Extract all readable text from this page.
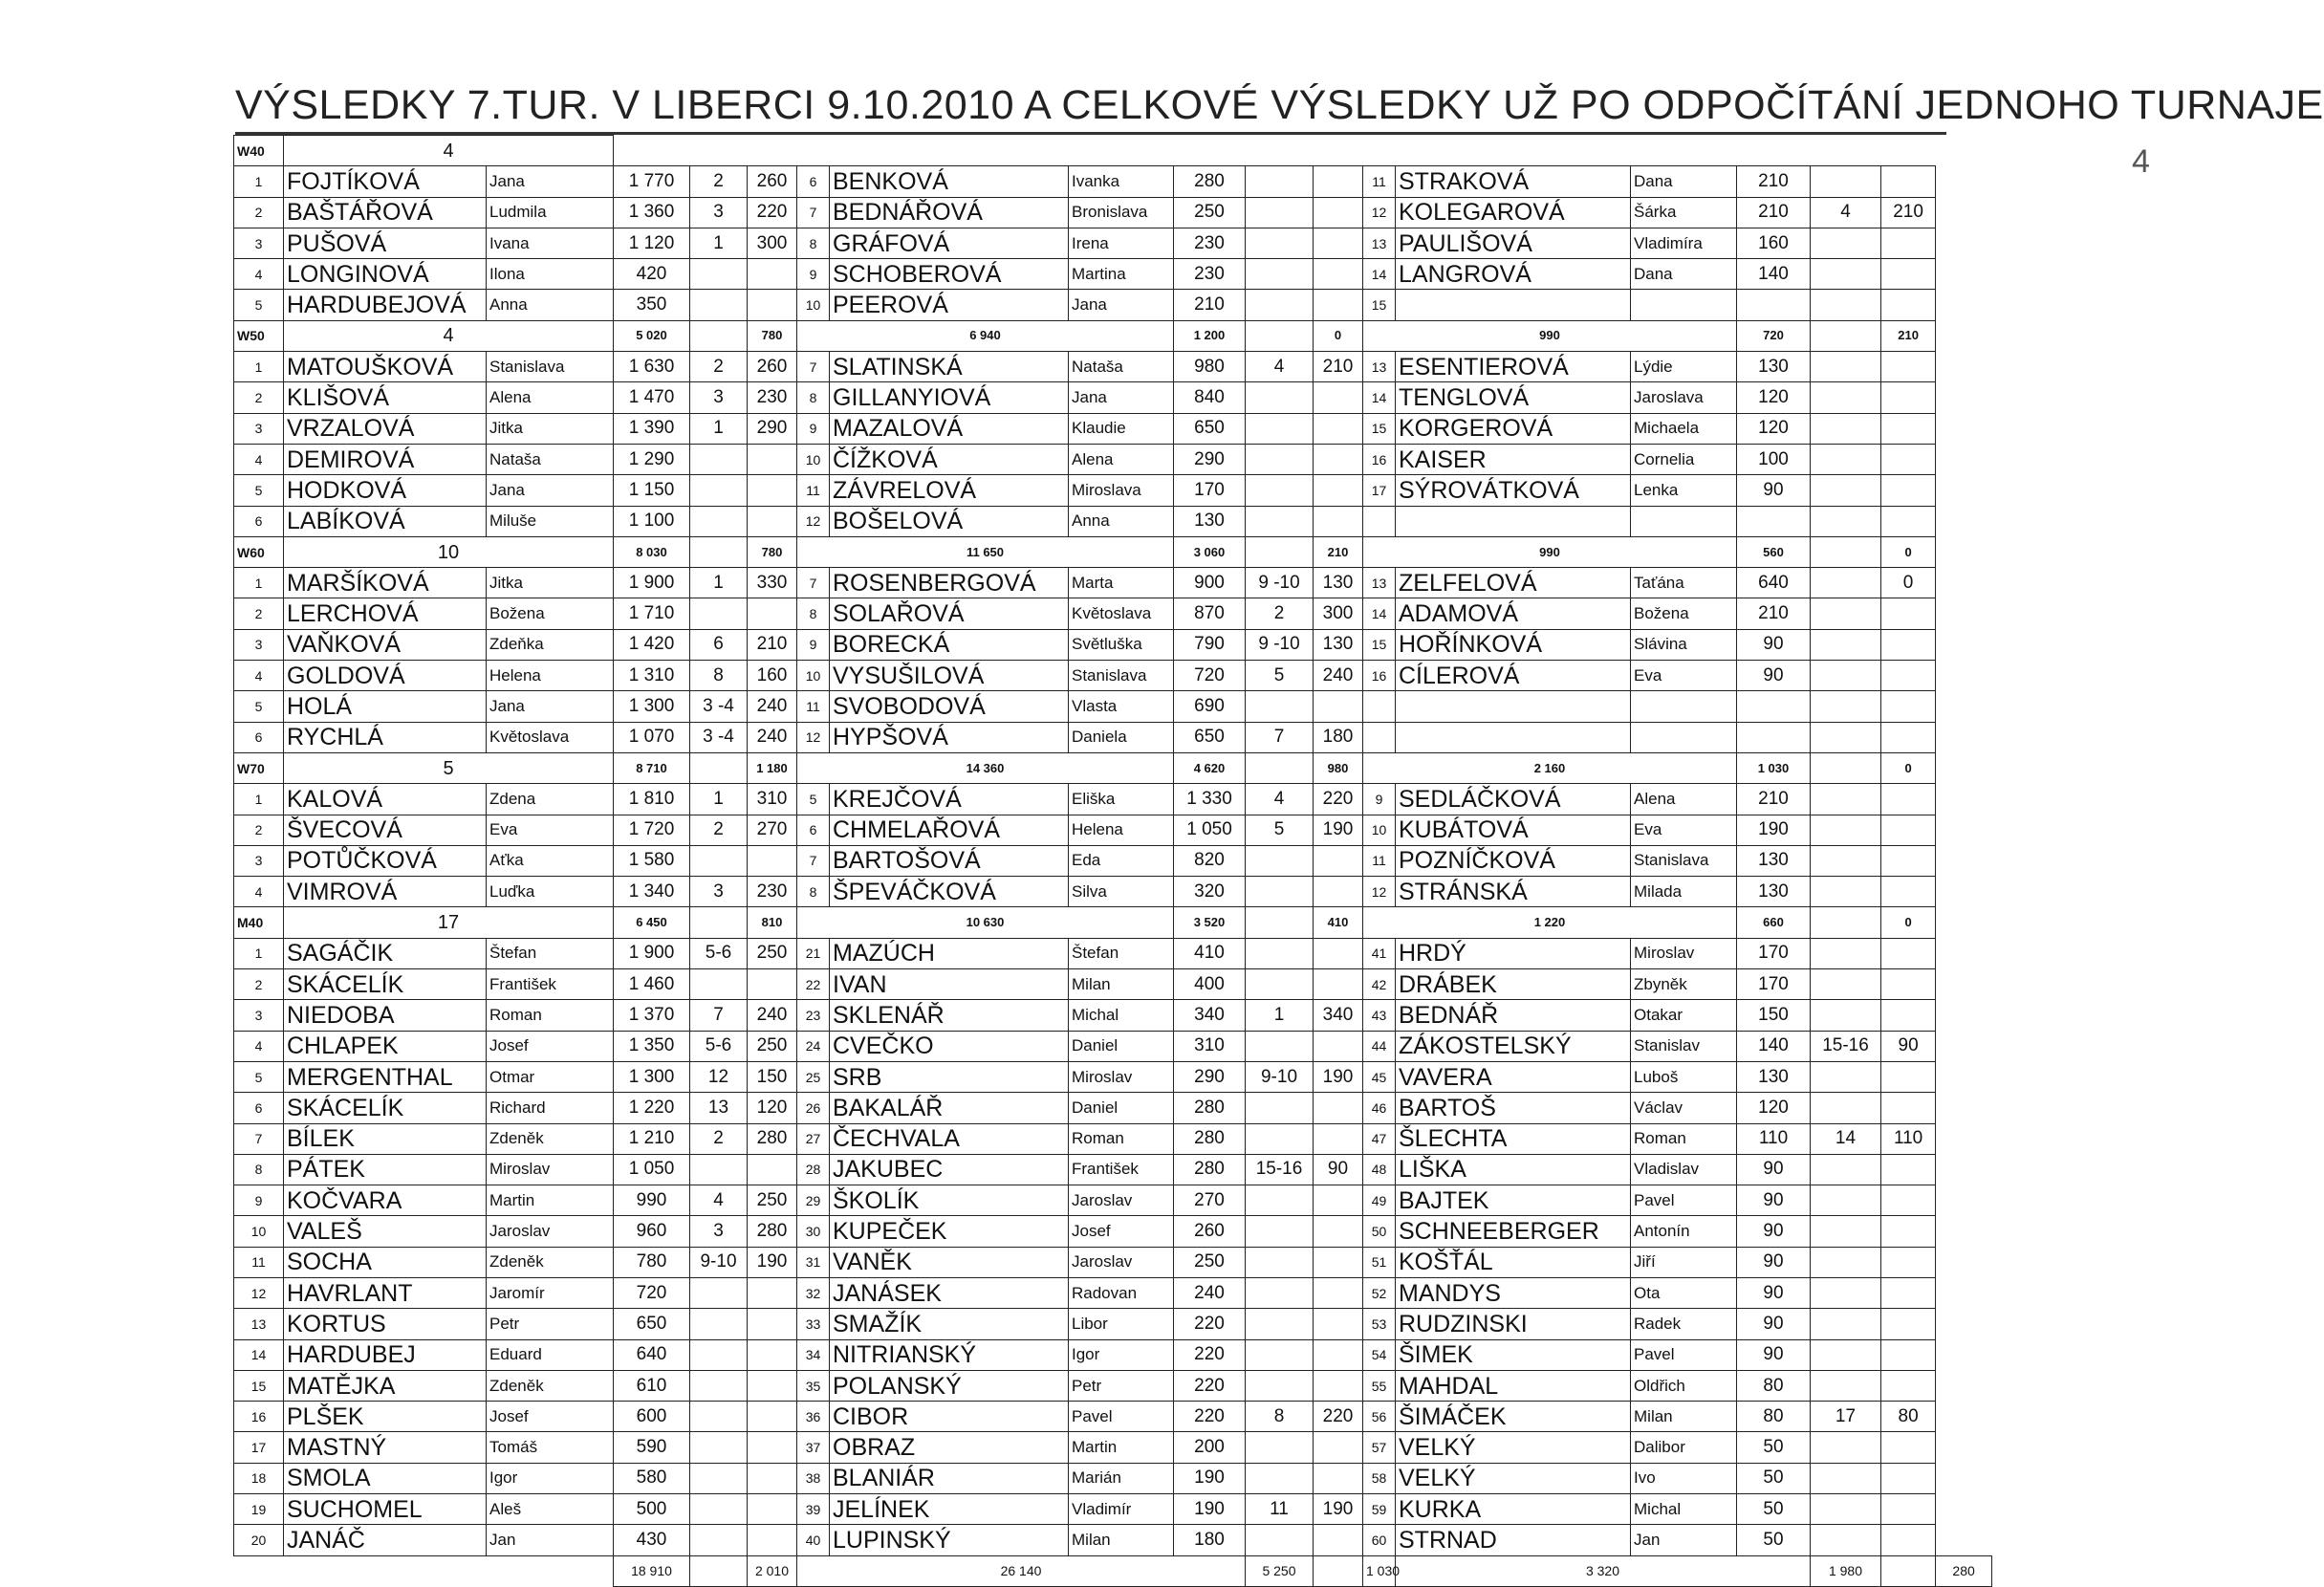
VÝSLEDKY 7.TUR. V LIBERCI 9.10.2010 A CELKOVÉ VÝSLEDKY UŽ PO ODPOČÍTÁNÍ JEDNOHO TURNAJE
4
W40	4																	
1	FOJTÍKOVÁ	Jana	1 770	2	260	6	BENKOVÁ	Ivanka	280			11	STRAKOVÁ	Dana	210			
2	BAŠTÁŘOVÁ	Ludmila	1 360	3	220	7	BEDNÁŘOVÁ	Bronislava	250			12	KOLEGAROVÁ	Šárka	210	4	210	
3	PUŠOVÁ	Ivana	1 120	1	300	8	GRÁFOVÁ	Irena	230			13	PAULIŠOVÁ	Vladimíra	160			
4	LONGINOVÁ	Ilona	420			9	SCHOBEROVÁ	Martina	230			14	LANGROVÁ	Dana	140			
5	HARDUBEJOVÁ	Anna	350			10	PEEROVÁ	Jana	210			15						
W50	4		5 020		780	6 940			1 200		0	990			720		210	
1	MATOUŠKOVÁ	Stanislava	1 630	2	260	7	SLATINSKÁ	Nataša	980	4	210	13	ESENTIEROVÁ	Lýdie	130			
2	KLIŠOVÁ	Alena	1 470	3	230	8	GILLANYIOVÁ	Jana	840			14	TENGLOVÁ	Jaroslava	120			
3	VRZALOVÁ	Jitka	1 390	1	290	9	MAZALOVÁ	Klaudie	650			15	KORGEROVÁ	Michaela	120			
4	DEMIROVÁ	Nataša	1 290			10	ČÍŽKOVÁ	Alena	290			16	KAISER	Cornelia	100			
5	HODKOVÁ	Jana	1 150			11	ZÁVRELOVÁ	Miroslava	170			17	SÝROVÁTKOVÁ	Lenka	90			
6	LABÍKOVÁ	Miluše	1 100			12	BOŠELOVÁ	Anna	130									
W60	10		8 030		780	11 650			3 060		210	990			560		0	
1	MARŠÍKOVÁ	Jitka	1 900	1	330	7	ROSENBERGOVÁ	Marta	900	9 -10	130	13	ZELFELOVÁ	Taťána	640		0	
2	LERCHOVÁ	Božena	1 710			8	SOLAŘOVÁ	Květoslava	870	2	300	14	ADAMOVÁ	Božena	210			
3	VAŇKOVÁ	Zdeňka	1 420	6	210	9	BORECKÁ	Světluška	790	9 -10	130	15	HOŘÍNKOVÁ	Slávina	90			
4	GOLDOVÁ	Helena	1 310	8	160	10	VYSUŠILOVÁ	Stanislava	720	5	240	16	CÍLEROVÁ	Eva	90			
5	HOLÁ	Jana	1 300	3 -4	240	11	SVOBODOVÁ	Vlasta	690									
6	RYCHLÁ	Květoslava	1 070	3 -4	240	12	HYPŠOVÁ	Daniela	650	7	180							
W70	5		8 710		1 180	14 360			4 620		980	2 160			1 030		0	
1	KALOVÁ	Zdena	1 810	1	310	5	KREJČOVÁ	Eliška	1 330	4	220	9	SEDLÁČKOVÁ	Alena	210			
2	ŠVECOVÁ	Eva	1 720	2	270	6	CHMELAŘOVÁ	Helena	1 050	5	190	10	KUBÁTOVÁ	Eva	190			
3	POTŮČKOVÁ	Aťka	1 580			7	BARTOŠOVÁ	Eda	820			11	POZNÍČKOVÁ	Stanislava	130			
4	VIMROVÁ	Luďka	1 340	3	230	8	ŠPEVÁČKOVÁ	Silva	320			12	STRÁNSKÁ	Milada	130			
M40	17		6 450		810	10 630			3 520		410	1 220			660		0	
1	SAGÁČIK	Štefan	1 900	5-6	250	21	MAZÚCH	Štefan	410			41	HRDÝ	Miroslav	170			
2	SKÁCELÍK	František	1 460			22	IVAN	Milan	400			42	DRÁBEK	Zbyněk	170			
3	NIEDOBA	Roman	1 370	7	240	23	SKLENÁŘ	Michal	340	1	340	43	BEDNÁŘ	Otakar	150			
4	CHLAPEK	Josef	1 350	5-6	250	24	CVEČKO	Daniel	310			44	ZÁKOSTELSKÝ	Stanislav	140	15-16	90	
5	MERGENTHAL	Otmar	1 300	12	150	25	SRB	Miroslav	290	9-10	190	45	VAVERA	Luboš	130			
6	SKÁCELÍK	Richard	1 220	13	120	26	BAKALÁŘ	Daniel	280			46	BARTOŠ	Václav	120			
7	BÍLEK	Zdeněk	1 210	2	280	27	ČECHVALA	Roman	280			47	ŠLECHTA	Roman	110	14	110	
8	PÁTEK	Miroslav	1 050			28	JAKUBEC	František	280	15-16	90	48	LIŠKA	Vladislav	90			
9	KOČVARA	Martin	990	4	250	29	ŠKOLÍK	Jaroslav	270			49	BAJTEK	Pavel	90			
10	VALEŠ	Jaroslav	960	3	280	30	KUPEČEK	Josef	260			50	SCHNEEBERGER	Antonín	90			
11	SOCHA	Zdeněk	780	9-10	190	31	VANĚK	Jaroslav	250			51	KOŠŤÁL	Jiří	90			
12	HAVRLANT	Jaromír	720			32	JANÁSEK	Radovan	240			52	MANDYS	Ota	90			
13	KORTUS	Petr	650			33	SMAŽÍK	Libor	220			53	RUDZINSKI	Radek	90			
14	HARDUBEJ	Eduard	640			34	NITRIANSKÝ	Igor	220			54	ŠIMEK	Pavel	90			
15	MATĚJKA	Zdeněk	610			35	POLANSKÝ	Petr	220			55	MAHDAL	Oldřich	80			
16	PLŠEK	Josef	600			36	CIBOR	Pavel	220	8	220	56	ŠIMÁČEK	Milan	80	17	80	
17	MASTNÝ	Tomáš	590			37	OBRAZ	Martin	200			57	VELKÝ	Dalibor	50			
18	SMOLA	Igor	580			38	BLANIÁR	Marián	190			58	VELKÝ	Ivo	50			
19	SUCHOMEL	Aleš	500			39	JELÍNEK	Vladimír	190	11	190	59	KURKA	Michal	50			
20	JANÁČ	Jan	430			40	LUPINSKÝ	Milan	180			60	STRNAD	Jan	50			
			18 910		2 010	26 140				5 250		1 030	3 320			1 980		280
